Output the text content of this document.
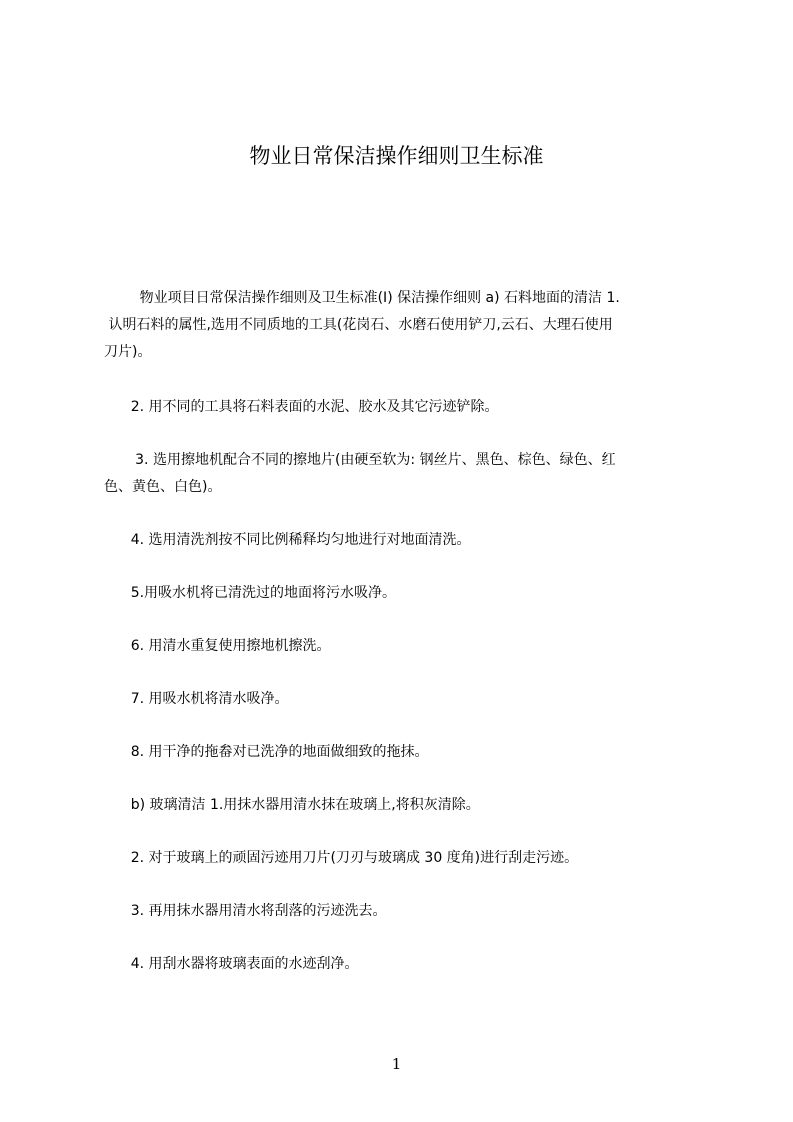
物业日常保洁操作细则卫生标准
物业项目日常保洁操作细则及卫生标准(I) 保洁操作细则 a) 石料地面的清洁 1.
认明石料的属性,选用不同质地的工具(花岗石、水磨石使用铲刀,云石、大理石使用
刀片)。
2. 用不同的工具将石料表面的水泥、胶水及其它污迹铲除。
3. 选用擦地机配合不同的擦地片(由硬至软为: 钢丝片、黑色、棕色、绿色、红
色、黄色、白色)。
4. 选用清洗剂按不同比例稀释均匀地进行对地面清洗。
5.用吸水机将已清洗过的地面将污水吸净。
6. 用清水重复使用擦地机擦洗。
7. 用吸水机将清水吸净。
8. 用干净的拖畚对已洗净的地面做细致的拖抹。
b) 玻璃清洁 1.用抹水器用清水抹在玻璃上,将积灰清除。
2. 对于玻璃上的顽固污迹用刀片(刀刃与玻璃成 30 度角)进行刮走污迹。
3. 再用抹水器用清水将刮落的污迹洗去。
4. 用刮水器将玻璃表面的水迹刮净。
1
